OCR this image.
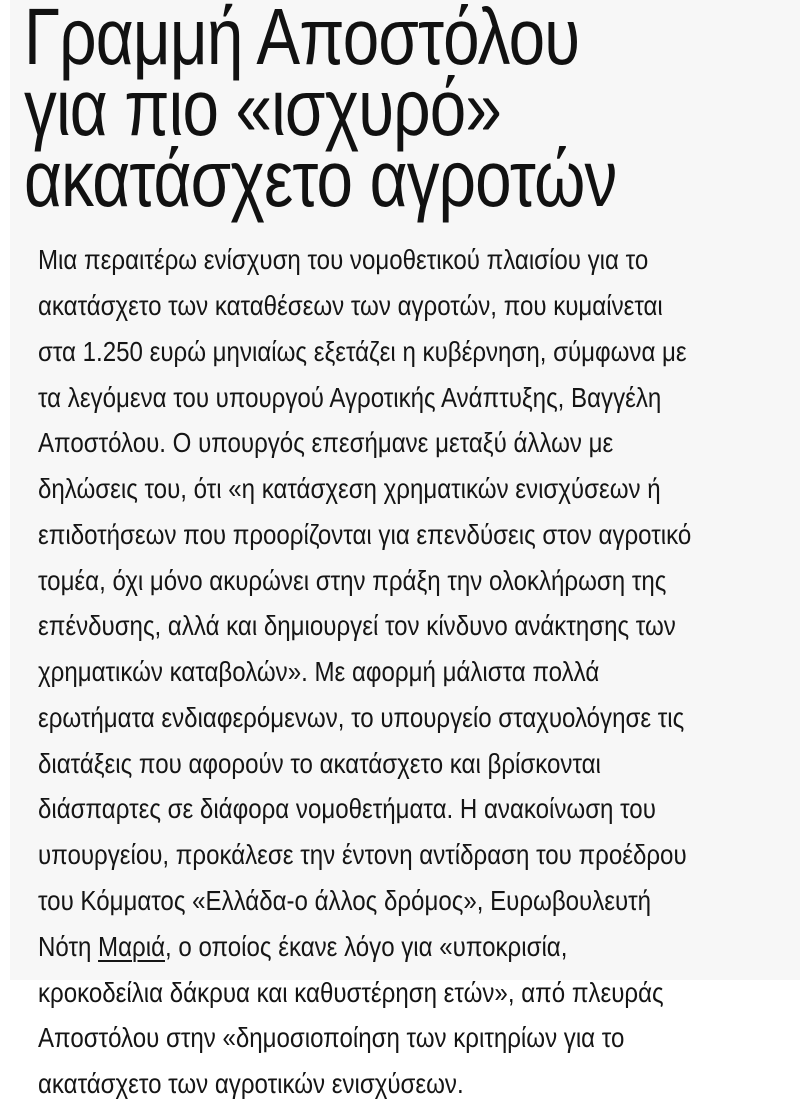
Γραμμή Αποστόλου
για πιο «ισχυρό»
ακατάσχετο αγροτών
Μια περαιτέρω ενίσχυση του νομοθετικού πλαισίου για το
ακατάσχετο των καταθέσεων των αγροτών, που κυμαίνεται
στα 1.250 ευρώ μηνιαίως εξετάζει η κυβέρνηση, σύμφωνα με
τα λεγόμενα του υπουργού Αγροτικής Ανάπτυξης, Βαγγέλη
Αποστόλου. Ο υπουργός επεσήμανε μεταξύ άλλων με
δηλώσεις του, ότι «η κατάσχεση χρηματικών ενισχύσεων ή
επιδοτήσεων που προορίζονται για επενδύσεις στον αγροτικό
τομέα, όχι μόνο ακυρώνει στην πράξη την ολοκλήρωση της
επένδυσης, αλλά και δημιουργεί τον κίνδυνο ανάκτησης των
χρηματικών καταβολών». Με αφορμή μάλιστα πολλά
ερωτήματα ενδιαφερόμενων, το υπουργείο σταχυολόγησε τις
διατάξεις που αφορούν το ακατάσχετο και βρίσκονται
διάσπαρτες σε διάφορα νομοθετήματα. Η ανακοίνωση του
υπουργείου, προκάλεσε την έντονη αντίδραση του προέδρου
του Κόμματος «Ελλάδα-ο άλλος δρόμος», Ευρωβουλευτή
Νότη Μαριά, ο οποίος έκανε λόγο για «υποκρισία,
κροκοδείλια δάκρυα και καθυστέρηση ετών», από πλευράς
Αποστόλου στην «δημοσιοποίηση των κριτηρίων για το
ακατάσχετο των αγροτικών ενισχύσεων.
